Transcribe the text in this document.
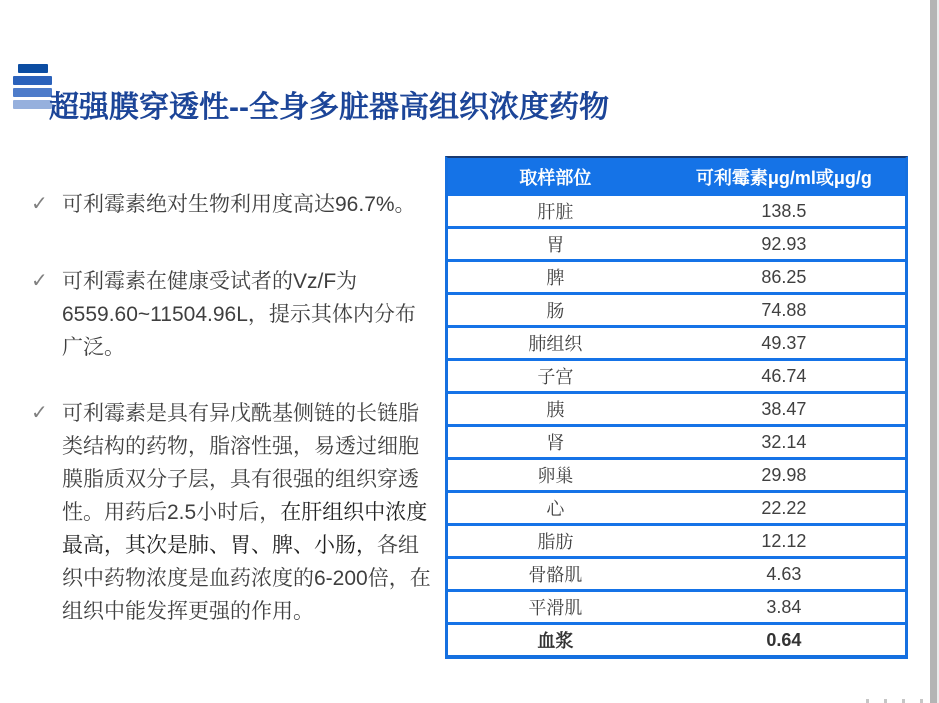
超强膜穿透性--全身多脏器高组织浓度药物
✓ 可利霉素绝对生物利用度高达96.7%。
✓ 可利霉素在健康受试者的Vz/F为6559.60~11504.96L，提示其体内分布广泛。
✓ 可利霉素是具有异戊酰基侧链的长链脂类结构的药物，脂溶性强，易透过细胞膜脂质双分子层，具有很强的组织穿透性。用药后2.5小时后，在肝组织中浓度最高，其次是肺、胃、脾、小肠，各组织中药物浓度是血药浓度的6-200倍，在组织中能发挥更强的作用。
取样部位	可利霉素μg/ml或μg/g
肝脏	138.5
胃	92.93
脾	86.25
肠	74.88
肺组织	49.37
子宫	46.74
胰	38.47
肾	32.14
卵巢	29.98
心	22.22
脂肪	12.12
骨骼肌	4.63
平滑肌	3.84
血浆	0.64
